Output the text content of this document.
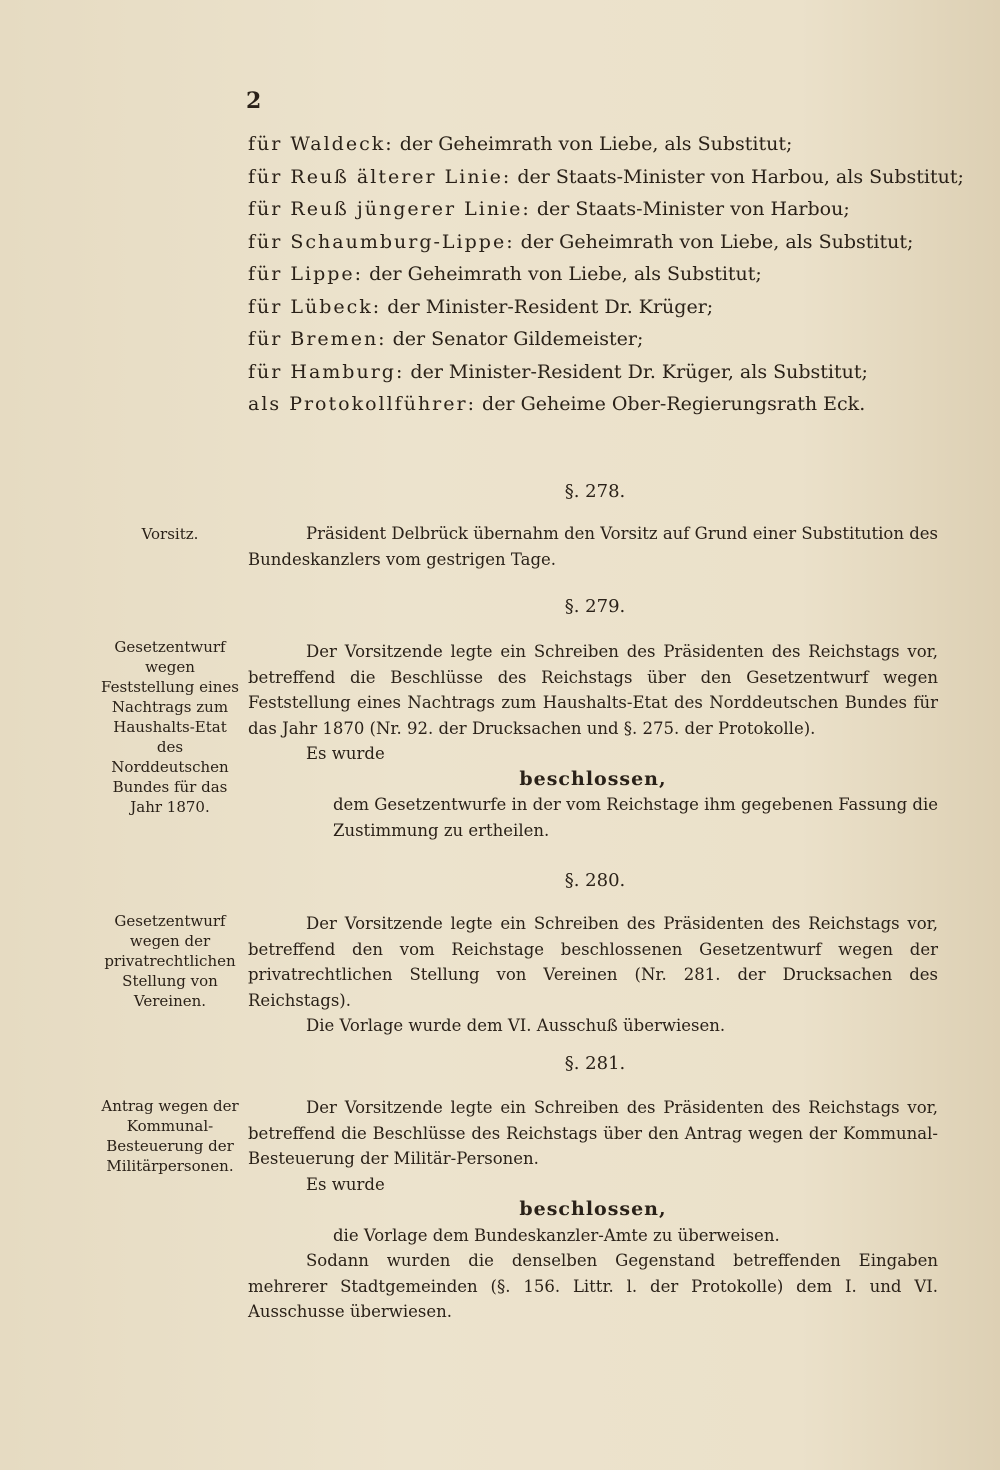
2
für Waldeck: der Geheimrath von Liebe, als Substitut;
für Reuß älterer Linie: der Staats-Minister von Harbou, als Substitut;
für Reuß jüngerer Linie: der Staats-Minister von Harbou;
für Schaumburg-Lippe: der Geheimrath von Liebe, als Substitut;
für Lippe: der Geheimrath von Liebe, als Substitut;
für Lübeck: der Minister-Resident Dr. Krüger;
für Bremen: der Senator Gildemeister;
für Hamburg: der Minister-Resident Dr. Krüger, als Substitut;
als Protokollführer: der Geheime Ober-Regierungsrath Eck.
§. 278.
Vorsitz.	Präsident Delbrück übernahm den Vorsitz auf Grund einer Substitution des Bundeskanzlers vom gestrigen Tage.

§. 279.
Gesetzentwurf wegen Feststellung eines Nachtrags zum Haushalts-Etat des Norddeutschen Bundes für das Jahr 1870.

Der Vorsitzende legte ein Schreiben des Präsidenten des Reichstags vor, betreffend die Beschlüsse des Reichstags über den Gesetzentwurf wegen Feststellung eines Nachtrags zum Haushalts-Etat des Norddeutschen Bundes für das Jahr 1870 (Nr. 92. der Drucksachen und §. 275. der Protokolle).

Es wurde

beschlossen,

dem Gesetzentwurfe in der vom Reichstage ihm gegebenen Fassung die Zustimmung zu ertheilen.

§. 280.
Gesetzentwurf wegen der privatrechtlichen Stellung von Vereinen.

Der Vorsitzende legte ein Schreiben des Präsidenten des Reichstags vor, betreffend den vom Reichstage beschlossenen Gesetzentwurf wegen der privatrechtlichen Stellung von Vereinen (Nr. 281. der Drucksachen des Reichstags).

Die Vorlage wurde dem VI. Ausschuß überwiesen.

§. 281.
Antrag wegen der Kommunal-Besteuerung der Militärpersonen.

Der Vorsitzende legte ein Schreiben des Präsidenten des Reichstags vor, betreffend die Beschlüsse des Reichstags über den Antrag wegen der Kommunal-Besteuerung der Militär-Personen.

Es wurde

beschlossen,

die Vorlage dem Bundeskanzler-Amte zu überweisen.

Sodann wurden die denselben Gegenstand betreffenden Eingaben mehrerer Stadtgemeinden (§. 156. Littr. l. der Protokolle) dem I. und VI. Ausschusse überwiesen.
